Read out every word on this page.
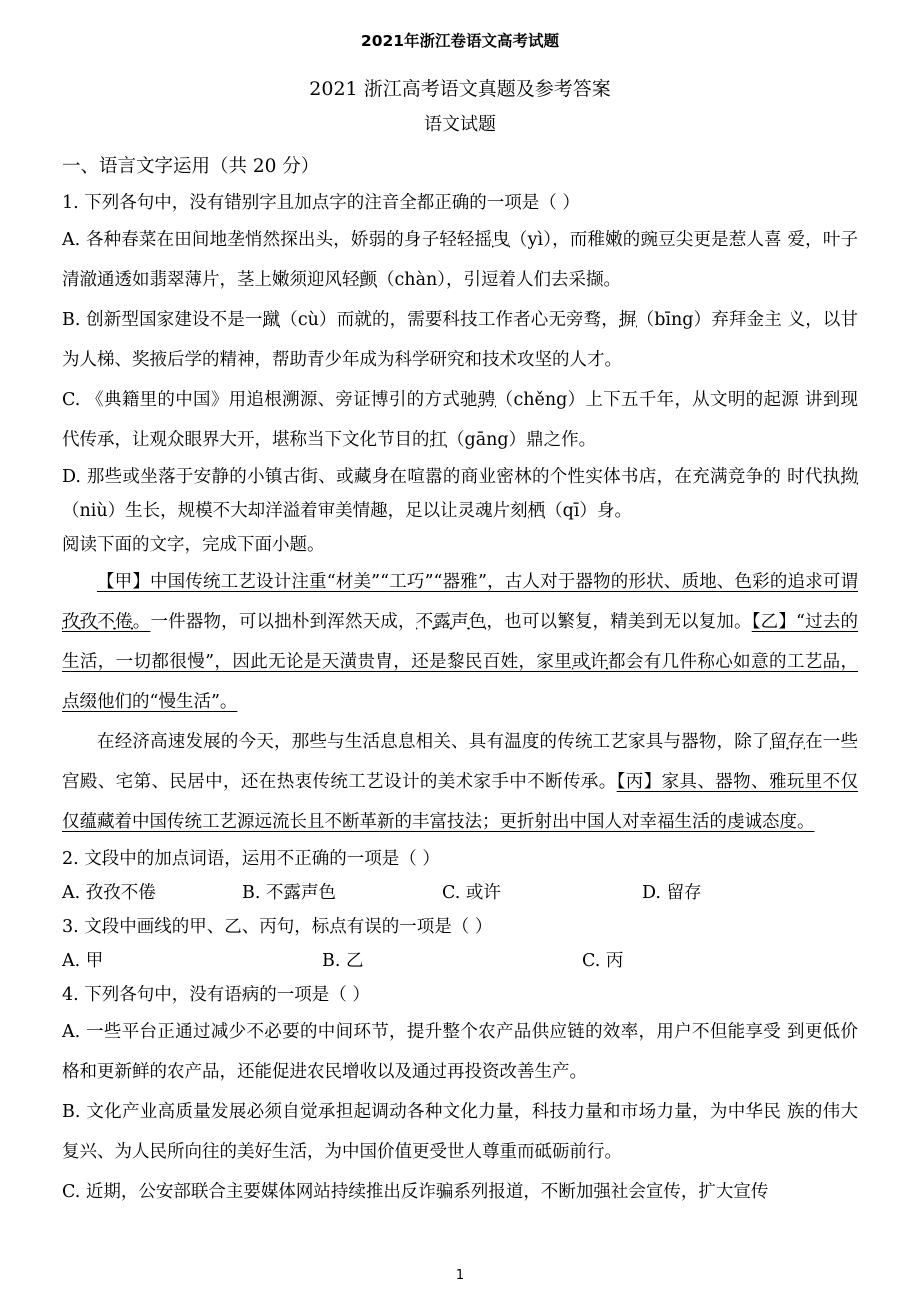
2021年浙江卷语文高考试题
2021 浙江高考语文真题及参考答案
语文试题
一、语言文字运用（共 20 分）
1. 下列各句中，没有错别字且加点字的注音全都正确的一项是（ ）
A. 各种春菜在田间地垄悄然探出头，娇弱的身子轻轻摇曳（yì），而稚嫩的豌豆尖更是惹人喜 爱，叶子清澈通透如翡翠薄片，茎上嫩须迎风轻颤（chàn），引逗着人们去采撷。
B. 创新型国家建设不是一蹴（cù）而就的，需要科技工作者心无旁骛，摒（bīng）弃拜金主 义，以甘为人梯、奖掖后学的精神，帮助青少年成为科学研究和技术攻坚的人才。
C. 《典籍里的中国》用追根溯源、旁证博引的方式驰骋（chěng）上下五千年，从文明的起源 讲到现代传承，让观众眼界大开，堪称当下文化节目的扛（gāng）鼎之作。
D. 那些或坐落于安静的小镇古街、或藏身在喧嚣的商业密林的个性实体书店，在充满竞争的 时代执拗（niù）生长，规模不大却洋溢着审美情趣，足以让灵魂片刻栖（qī）身。
阅读下面的文字，完成下面小题。
【甲】中国传统工艺设计注重“材美”“工巧”“器雅”，古人对于器物的形状、质地、色彩的追求可谓孜孜不倦。一件器物，可以拙朴到浑然天成，不露声色，也可以繁复，精美到无以复加。【乙】“过去的生活，一切都很慢”，因此无论是天潢贵胄，还是黎民百姓，家里或许都会有几件称心如意的工艺品，点缀他们的“慢生活”。
在经济高速发展的今天，那些与生活息息相关、具有温度的传统工艺家具与器物，除了留存在一些宫殿、宅第、民居中，还在热衷传统工艺设计的美术家手中不断传承。【丙】家具、器物、雅玩里不仅仅蕴藏着中国传统工艺源远流长且不断革新的丰富技法；更折射出中国人对幸福生活的虔诚态度。
2. 文段中的加点词语，运用不正确的一项是（ ）
A. 孜孜不倦	B. 不露声色	C. 或许	D. 留存
3. 文段中画线的甲、乙、丙句，标点有误的一项是（ ）
A. 甲	B. 乙	C. 丙
4. 下列各句中，没有语病的一项是（ ）
A. 一些平台正通过减少不必要的中间环节，提升整个农产品供应链的效率，用户不但能享受 到更低价格和更新鲜的农产品，还能促进农民增收以及通过再投资改善生产。
B. 文化产业高质量发展必须自觉承担起调动各种文化力量，科技力量和市场力量，为中华民 族的伟大复兴、为人民所向往的美好生活，为中国价值更受世人尊重而砥砺前行。
C. 近期，公安部联合主要媒体网站持续推出反诈骗系列报道，不断加强社会宣传，扩大宣传
1
